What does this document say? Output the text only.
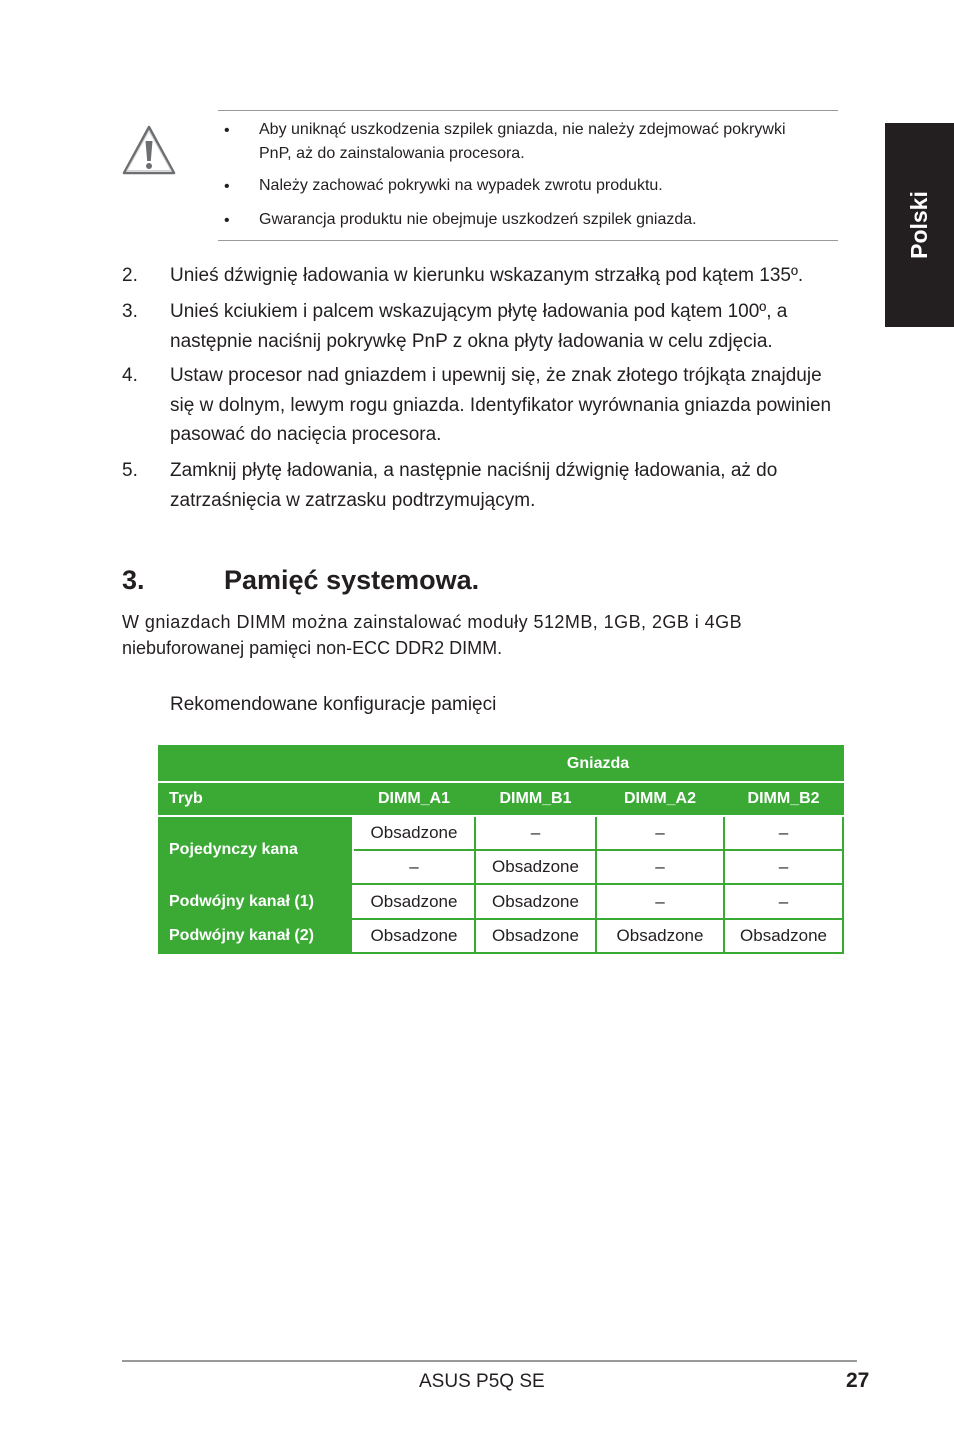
• Aby uniknąć uszkodzenia szpilek gniazda, nie należy zdejmować pokrywki PnP, aż do zainstalowania procesora.
• Należy zachować pokrywki na wypadek zwrotu produktu.
• Gwarancja produktu nie obejmuje uszkodzeń szpilek gniazda.
2. Unieś dźwignię ładowania w kierunku wskazanym strzałką pod kątem 135º.
3. Unieś kciukiem i palcem wskazującym płytę ładowania pod kątem 100º, a następnie naciśnij pokrywkę PnP z okna płyty ładowania w celu zdjęcia.
4. Ustaw procesor nad gniazdem i upewnij się, że znak złotego trójkąta znajduje się w dolnym, lewym rogu gniazda. Identyfikator wyrównania gniazda powinien pasować do nacięcia procesora.
5. Zamknij płytę ładowania, a następnie naciśnij dźwignię ładowania, aż do zatrzaśnięcia w zatrzasku podtrzymującym.
3.	Pamięć systemowa.
W gniazdach DIMM można zainstalować moduły 512MB, 1GB, 2GB i 4GB
niebuforowanej pamięci non-ECC DDR2 DIMM.
Rekomendowane konfiguracje pamięci
	Gniazda			
Tryb	DIMM_A1	DIMM_B1	DIMM_A2	DIMM_B2
Pojedynczy kana	Obsadzone	–	–	–
	–	Obsadzone	–	–
Podwójny kanał (1)	Obsadzone	Obsadzone	–	–
Podwójny kanał (2)	Obsadzone	Obsadzone	Obsadzone	Obsadzone
Polski
ASUS P5Q SE	27
